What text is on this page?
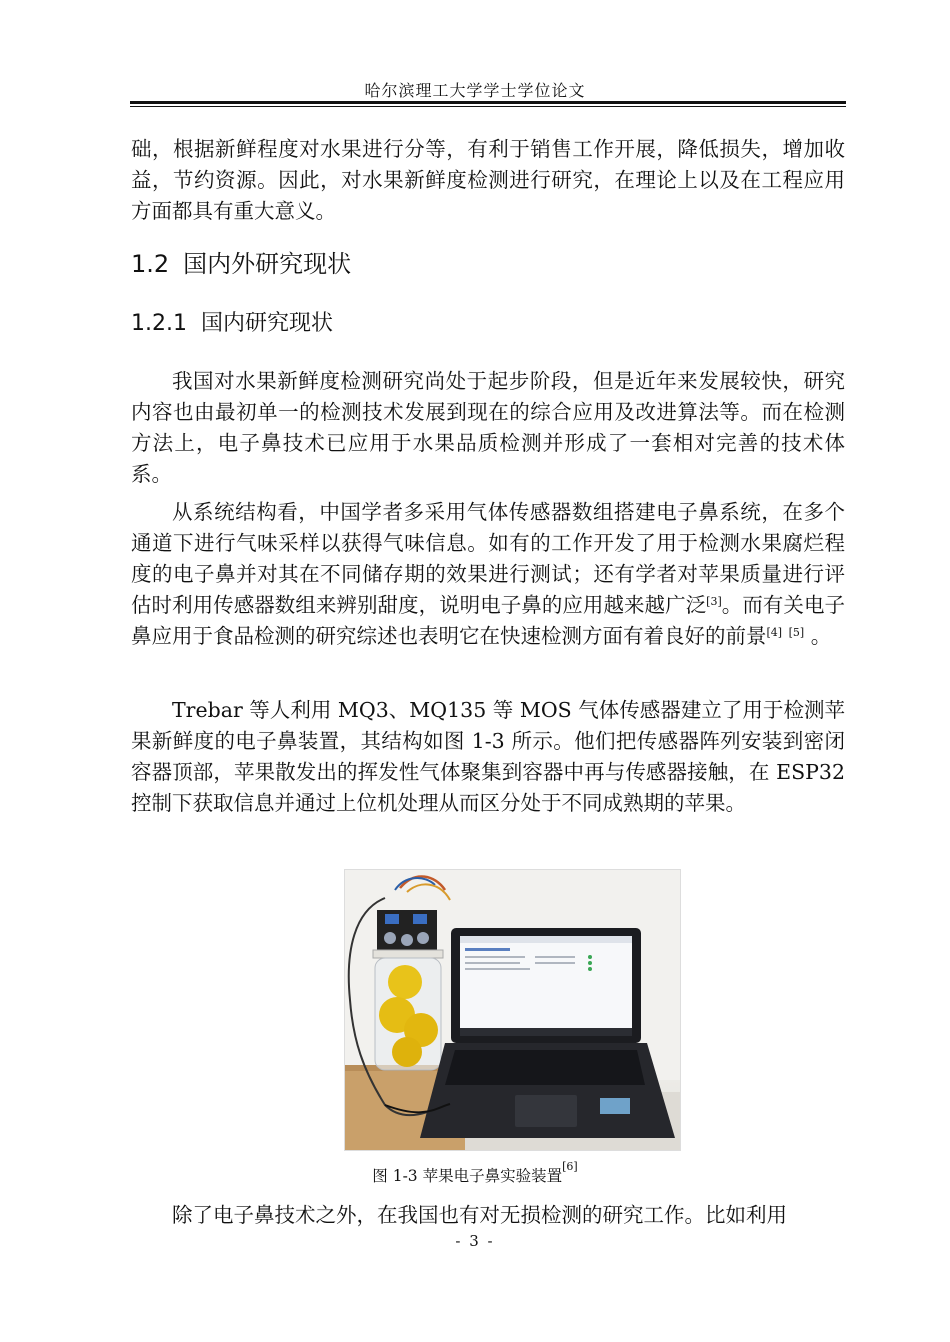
哈尔滨理工大学学士学位论文

础，根据新鲜程度对水果进行分等，有利于销售工作开展，降低损失，增加收益，节约资源。因此，对水果新鲜度检测进行研究，在理论上以及在工程应用方面都具有重大意义。

1.2 国内外研究现状
1.2.1 国内研究现状

我国对水果新鲜度检测研究尚处于起步阶段，但是近年来发展较快，研究内容也由最初单一的检测技术发展到现在的综合应用及改进算法等。而在检测方法上，电子鼻技术已应用于水果品质检测并形成了一套相对完善的技术体系。

从系统结构看，中国学者多采用气体传感器数组搭建电子鼻系统，在多个通道下进行气味采样以获得气味信息。如有的工作开发了用于检测水果腐烂程度的电子鼻并对其在不同储存期的效果进行测试；还有学者对苹果质量进行评估时利用传感器数组来辨别甜度，说明电子鼻的应用越来越广泛[3]。而有关电子鼻应用于食品检测的研究综述也表明它在快速检测方面有着良好的前景[4] [5] 。

Trebar 等人利用 MQ3、MQ135 等 MOS 气体传感器建立了用于检测苹果新鲜度的电子鼻装置，其结构如图 1-3 所示。他们把传感器阵列安装到密闭容器顶部，苹果散发出的挥发性气体聚集到容器中再与传感器接触，在 ESP32 控制下获取信息并通过上位机处理从而区分处于不同成熟期的苹果。

除了电子鼻技术之外，在我国也有对无损检测的研究工作。比如利用

图 1-3 苹果电子鼻实验装置[6]
- 3 -
